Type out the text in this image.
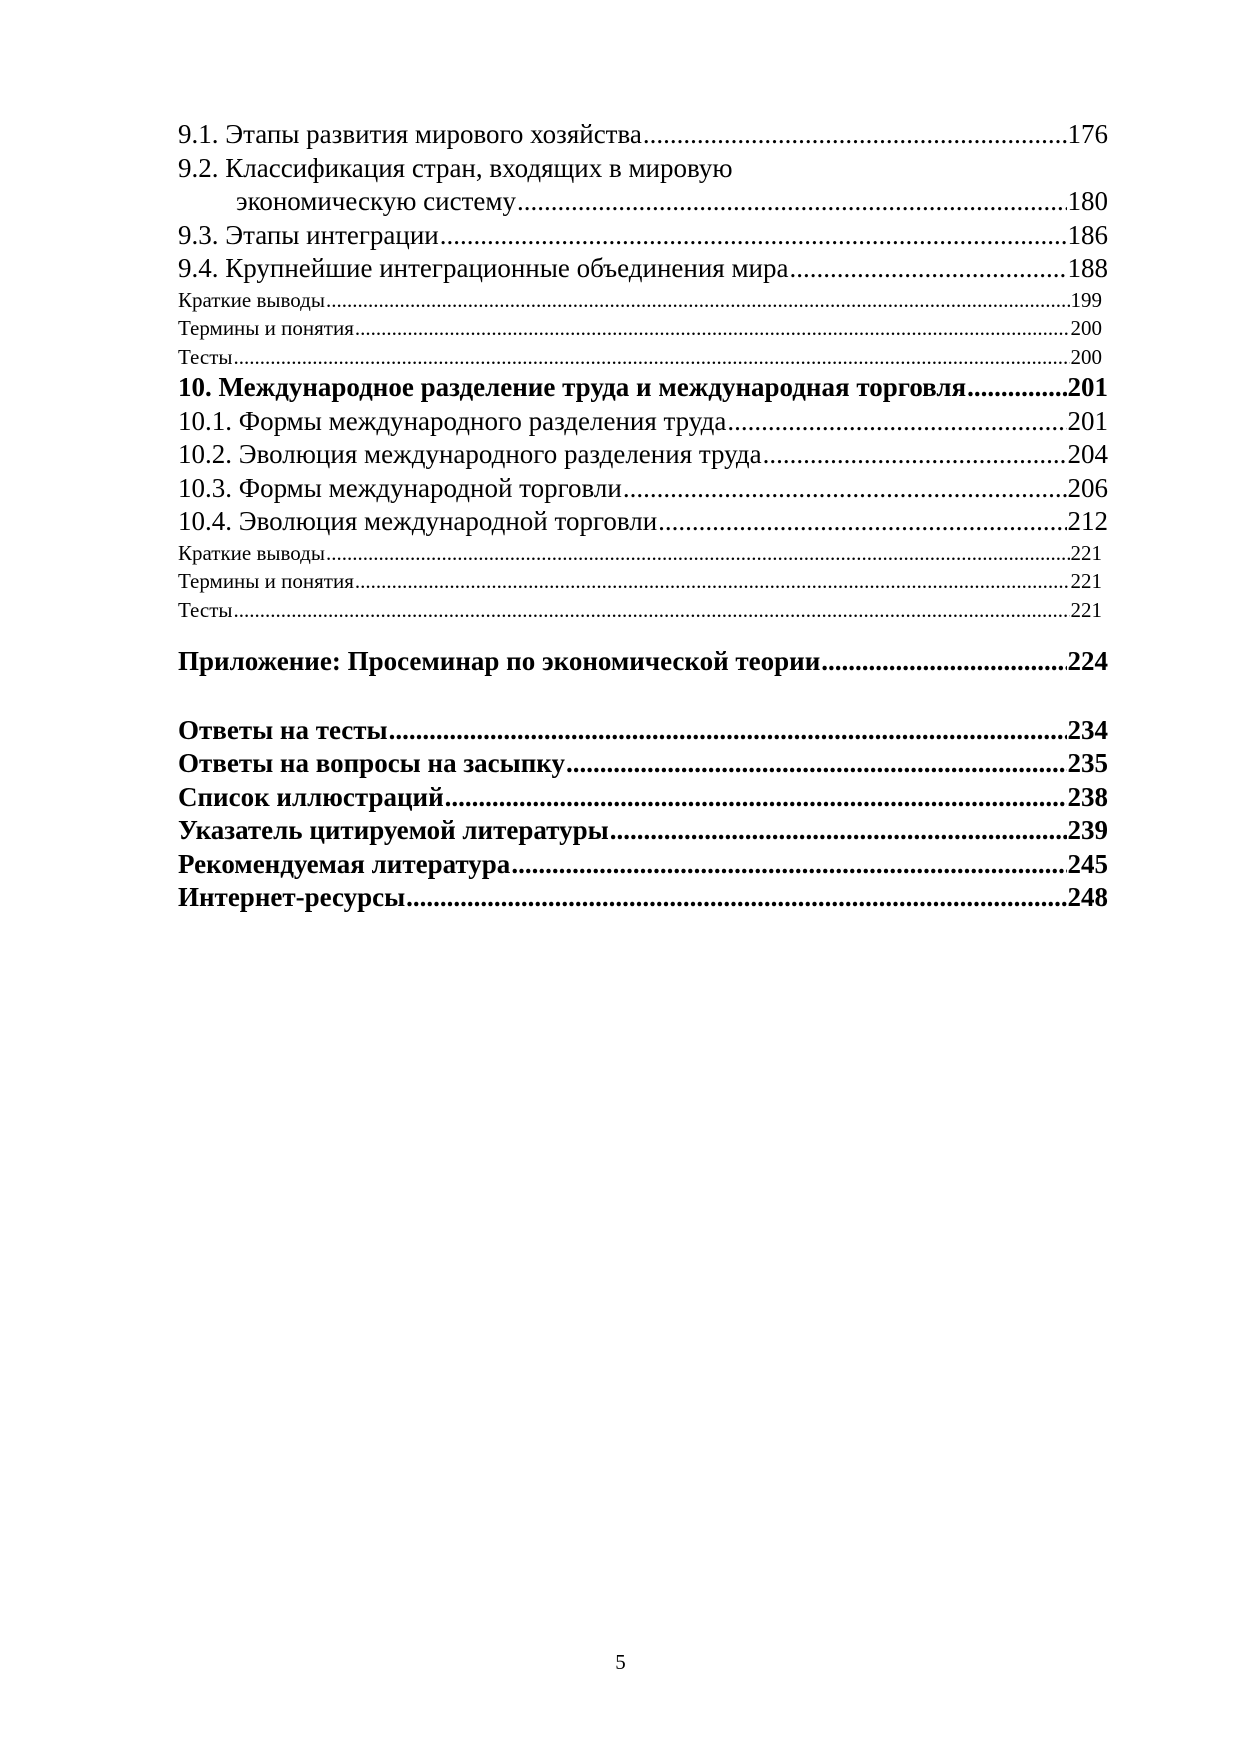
9.1. Этапы развития мирового хозяйства .....	176
9.2. Классификация стран, входящих в мировую
экономическую систему .....	180
9.3. Этапы интеграции .....	186
9.4. Крупнейшие интеграционные объединения мира .....	188
Краткие выводы .....	199
Термины и понятия .....	200
Тесты .....	200
10. Международное разделение труда и международная торговля .....	201
10.1. Формы международного разделения труда .....	201
10.2. Эволюция международного разделения труда .....	204
10.3. Формы международной торговли .....	206
10.4. Эволюция международной торговли .....	212
Краткие выводы .....	221
Термины и понятия .....	221
Тесты .....	221
Приложение: Просеминар по экономической теории .....	224
Ответы на тесты .....	234
Ответы на вопросы на засыпку .....	235
Список иллюстраций .....	238
Указатель цитируемой литературы .....	239
Рекомендуемая литература .....	245
Интернет-ресурсы .....	248
5
